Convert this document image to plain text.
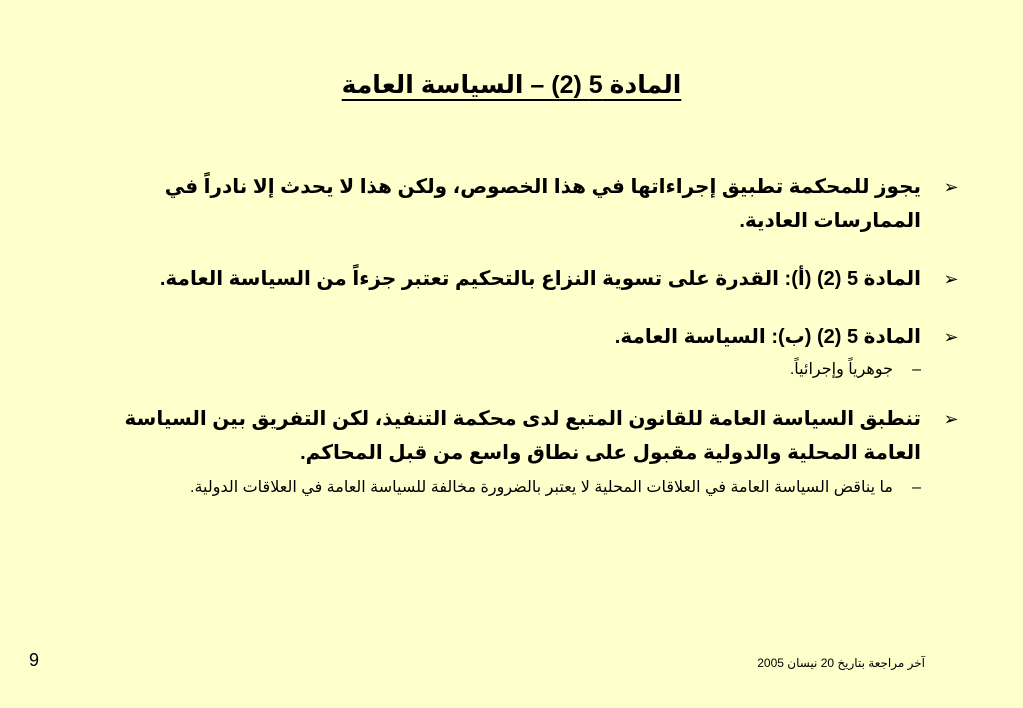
المادة 5 (2) – السياسة العامة
➢
يجوز للمحكمة تطبيق إجراءاتها في هذا الخصوص، ولكن هذا لا يحدث إلا نادراً في الممارسات العادية.
➢
المادة 5 (2) (أ): القدرة على تسوية النزاع بالتحكيم تعتبر جزءاً من السياسة العامة.
➢
المادة 5 (2) (ب): السياسة العامة.
–
جوهرياً وإجرائياً.
➢
تنطبق السياسة العامة للقانون المتبع لدى محكمة التنفيذ، لكن التفريق بين السياسة العامة المحلية والدولية مقبول على نطاق واسع من قبل المحاكم.
–
ما يناقض السياسة العامة في العلاقات المحلية لا يعتبر بالضرورة مخالفة للسياسة العامة في العلاقات الدولية.
آخر مراجعة بتاريخ 20 نيسان 2005
9
